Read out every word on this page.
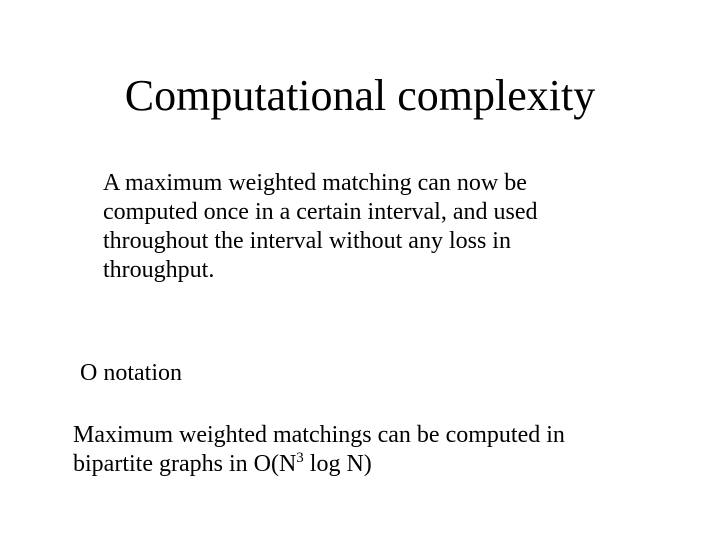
Computational complexity
A maximum weighted matching can now be
computed once in a certain interval, and used
throughout the interval without any loss in
throughput.
O notation
Maximum weighted matchings can be computed in
bipartite graphs in $O(N^3$ log N)
